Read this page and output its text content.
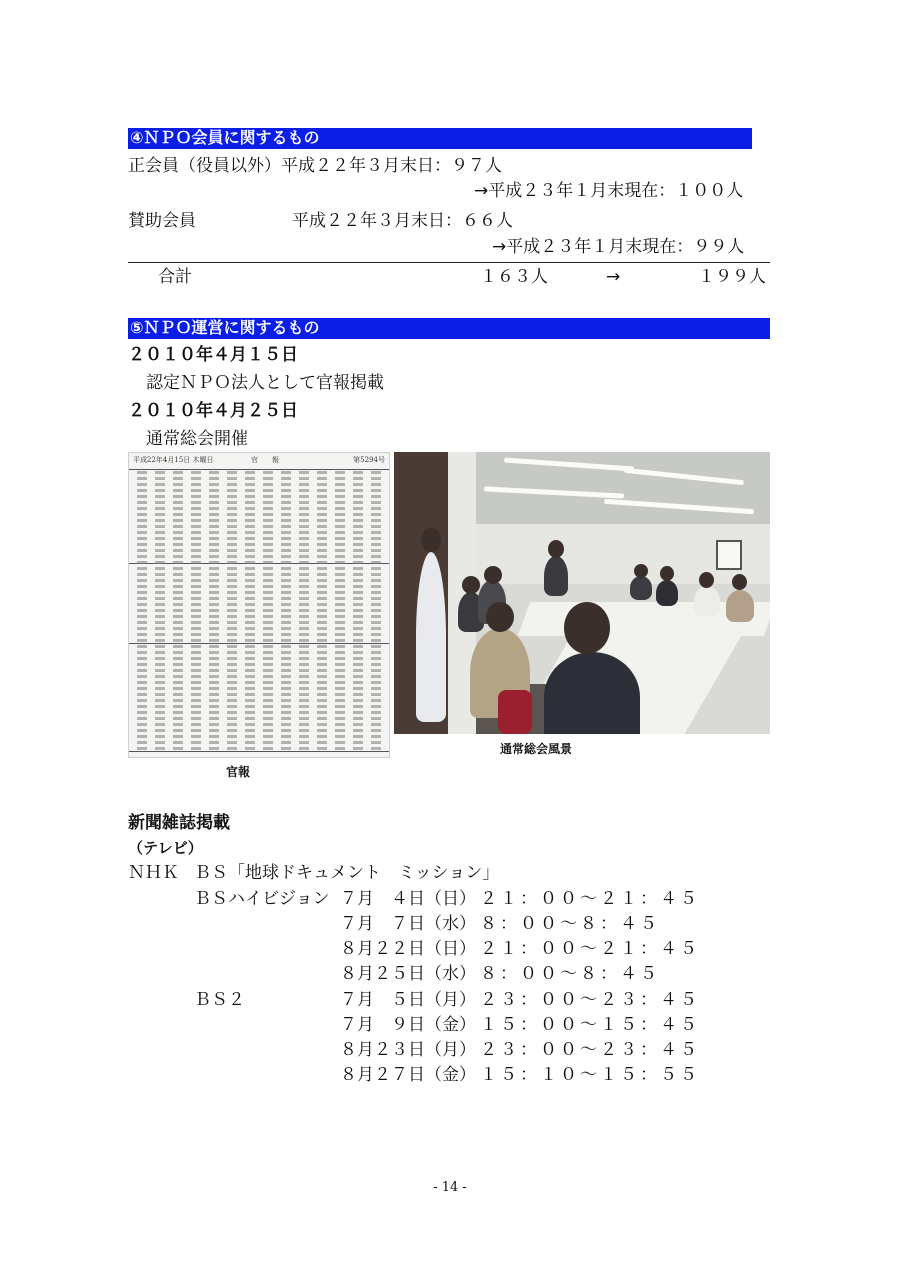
④ＮＰＯ会員に関するもの
正会員（役員以外）平成２２年３月末日：９７人
→平成２３年１月末現在：１００人
賛助会員	平成２２年３月末日：６６人
→平成２３年１月末現在：９９人
合計	１６３人	→	１９９人
⑤ＮＰＯ運営に関するもの
２０１０年４月１５日
認定ＮＰＯ法人として官報掲載
２０１０年４月２５日
通常総会開催
平成22年4月15日 木曜日	官　　報	第5294号
官報
通常総会風景
新聞雑誌掲載
（テレビ）
ＮＨＫ ＢＳ「地球ドキュメント　ミッション」
ＢＳハイビジョン ７月　４日（日） ２１：００～２１：４５
７月　７日（水） ８：００～８：４５
８月２２日（日） ２１：００～２１：４５
８月２５日（水） ８：００～８：４５
ＢＳ２	７月　５日（月） ２３：００～２３：４５
７月　９日（金） １５：００～１５：４５
８月２３日（月） ２３：００～２３：４５
８月２７日（金） １５：１０～１５：５５
- 14 -
